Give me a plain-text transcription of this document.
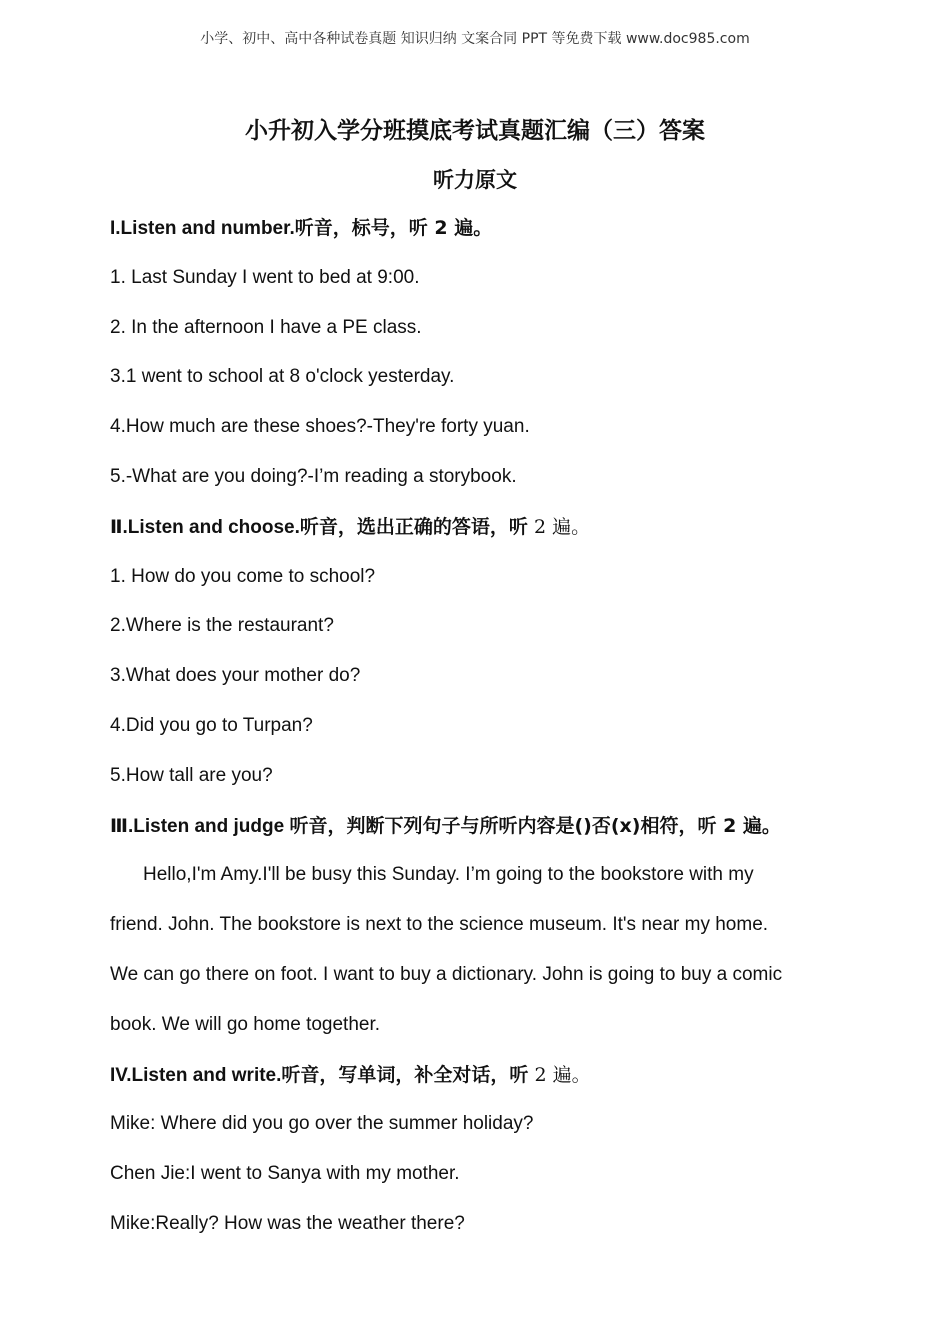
小学、初中、高中各种试卷真题 知识归纳 文案合同 PPT 等免费下载 www.doc985.com
小升初入学分班摸底考试真题汇编（三）答案
听力原文
I.Listen and number.听音，标号，听 2 遍。
1. Last Sunday I went to bed at 9:00.
2. In the afternoon I have a PE class.
3.1 went to school at 8 o'clock yesterday.
4.How much are these shoes?-They're forty yuan.
5.-What are you doing?-I’m reading a storybook.
Ⅱ.Listen and choose.听音，选出正确的答语，听 2 遍。
1. How do you come to school?
2.Where is the restaurant?
3.What does your mother do?
4.Did you go to Turpan?
5.How tall are you?
Ⅲ.Listen and judge 听音，判断下列句子与所听内容是()否(x)相符，听 2 遍。
Hello,I'm Amy.I'll be busy this Sunday. I’m going to the bookstore with my
friend. John. The bookstore is next to the science museum. It's near my home.
We can go there on foot. I want to buy a dictionary. John is going to buy a comic
book. We will go home together.
IV.Listen and write.听音，写单词，补全对话，听 2 遍。
Mike: Where did you go over the summer holiday?
Chen Jie:I went to Sanya with my mother.
Mike:Really? How was the weather there?
